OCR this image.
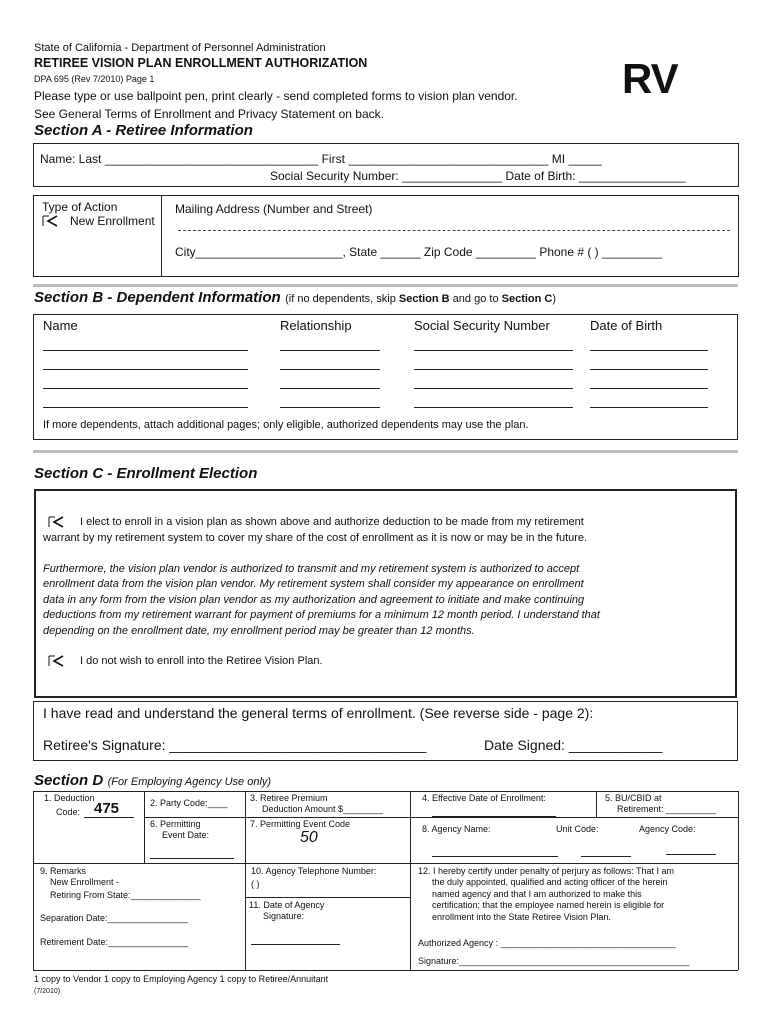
State of California - Department of Personnel Administration
RETIREE VISION PLAN ENROLLMENT AUTHORIZATION
DPA 695 (Rev 7/2010) Page 1
Please type or use ballpoint pen, print clearly - send completed forms to vision plan vendor.
See General Terms of Enrollment and Privacy Statement on back.
RV
Section A - Retiree Information
Name: Last ________________________________ First ______________________________ MI _____
Social Security Number: _______________ Date of Birth: ________________
Type of Action
New Enrollment
Mailing Address (Number and Street)
City______________________, State ______ Zip Code _________ Phone # ( ) _________
Section B - Dependent Information (if no dependents, skip Section B and go to Section C)
Name	Relationship	Social Security Number	Date of Birth
If more dependents, attach additional pages; only eligible, authorized dependents may use the plan.
Section C - Enrollment Election
I elect to enroll in a vision plan as shown above and authorize deduction to be made from my retirement
warrant by my retirement system to cover my share of the cost of enrollment as it is now or may be in the future.
Furthermore, the vision plan vendor is authorized to transmit and my retirement system is authorized to accept
enrollment data from the vision plan vendor. My retirement system shall consider my appearance on enrollment
data in any form from the vision plan vendor as my authorization and agreement to initiate and make continuing
deductions from my retirement warrant for payment of premiums for a minimum 12 month period. I understand that
depending on the enrollment date, my enrollment period may be greater than 12 months.
I do not wish to enroll into the Retiree Vision Plan.
I have read and understand the general terms of enrollment. (See reverse side - page 2):
Retiree's Signature: _________________________________	Date Signed: ____________
Section D (For Employing Agency Use only)
1. Deduction
Code: 475	2. Party Code:____ 3. Retiree Premium
Deduction Amount $________
4. Effective Date of Enrollment:	5. BU/CBID at
Retirement: __________
6. Permitting
Event Date:
7. Permitting Event Code
50	8. Agency Name:	Unit Code:	Agency Code:
9. Remarks
New Enrollment -
Retiring From State:______________
Separation Date:________________
Retirement Date:________________
10. Agency Telephone Number:
( )
11. Date of Agency
Signature:
12. I hereby certify under penalty of perjury as follows: That I am
the duly appointed, qualified and acting officer of the herein
named agency and that I am authorized to make this
certification; that the employee named herein is eligible for
enrollment into the State Retiree Vision Plan.
Authorized Agency : ___________________________________
Signature:______________________________________________
1 copy to Vendor 1 copy to Employing Agency 1 copy to Retiree/Annuitant
(7/2010)
